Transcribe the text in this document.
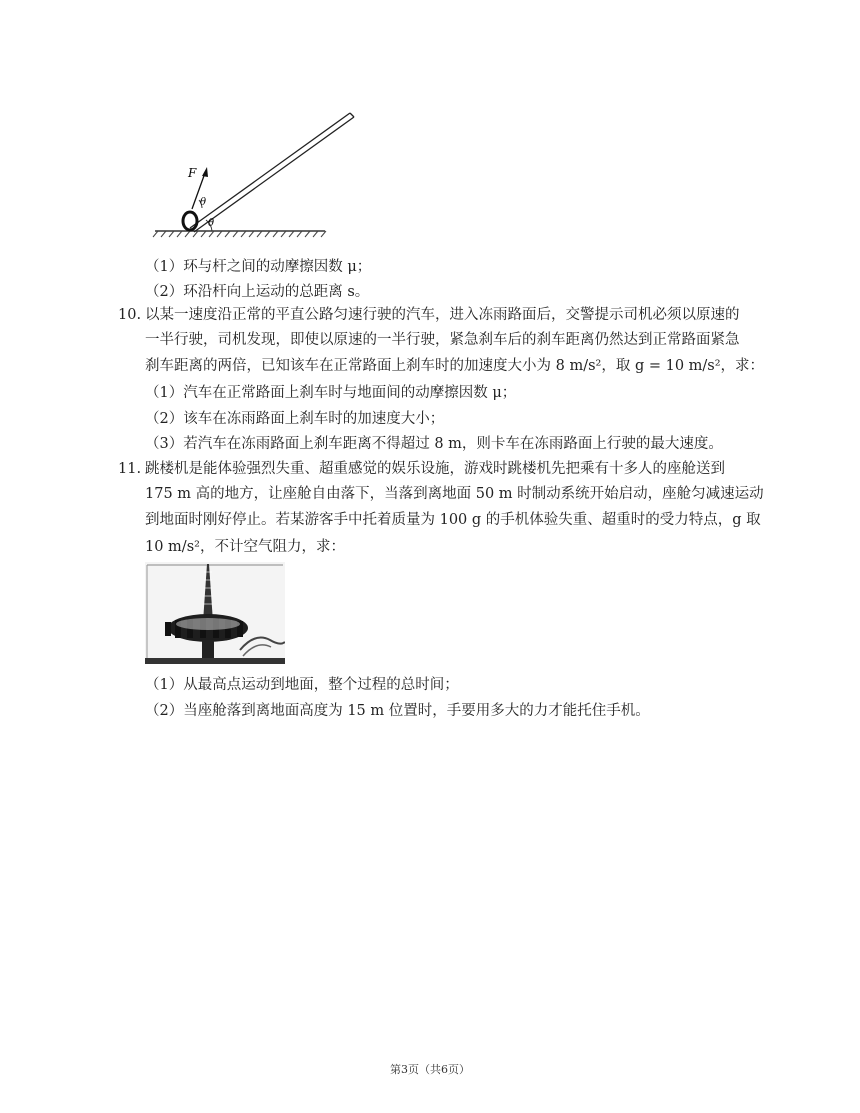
F
θ
θ
（1）环与杆之间的动摩擦因数 μ；
（2）环沿杆向上运动的总距离 s。
10. 以某一速度沿正常的平直公路匀速行驶的汽车，进入冻雨路面后，交警提示司机必须以原速的
一半行驶，司机发现，即使以原速的一半行驶，紧急刹车后的刹车距离仍然达到正常路面紧急
刹车距离的两倍，已知该车在正常路面上刹车时的加速度大小为 8 m/s²，取 g = 10 m/s²，求：
（1）汽车在正常路面上刹车时与地面间的动摩擦因数 μ；
（2）该车在冻雨路面上刹车时的加速度大小；
（3）若汽车在冻雨路面上刹车距离不得超过 8 m，则卡车在冻雨路面上行驶的最大速度。
11. 跳楼机是能体验强烈失重、超重感觉的娱乐设施，游戏时跳楼机先把乘有十多人的座舱送到
175 m 高的地方，让座舱自由落下，当落到离地面 50 m 时制动系统开始启动，座舱匀减速运动
到地面时刚好停止。若某游客手中托着质量为 100 g 的手机体验失重、超重时的受力特点，g 取
10 m/s²，不计空气阻力，求：
（1）从最高点运动到地面，整个过程的总时间；
（2）当座舱落到离地面高度为 15 m 位置时，手要用多大的力才能托住手机。
第3页（共6页）
